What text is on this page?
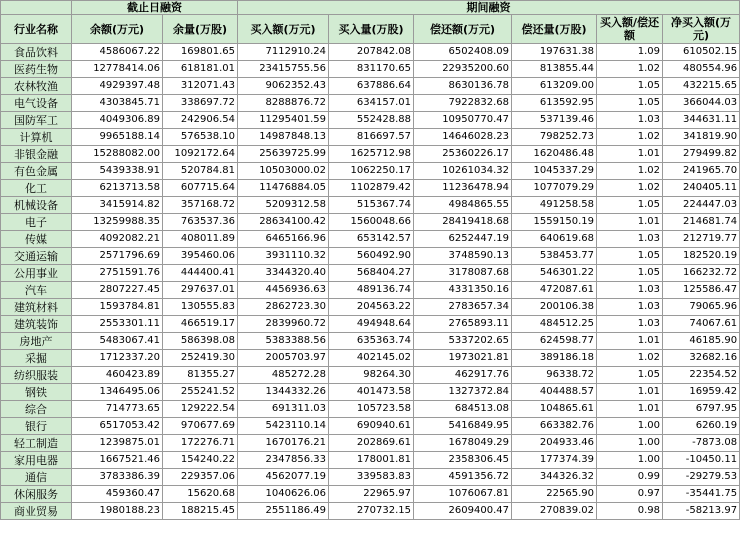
	截止日融资		期间融资					
行业名称	余额(万元)	余量(万股)	买入额(万元)	买入量(万股)	偿还额(万元)	偿还量(万股)	买入额/偿还额	净买入额(万元)
食品饮料	4586067.22	169801.65	7112910.24	207842.08	6502408.09	197631.38	1.09	610502.15
医药生物	12778414.06	618181.01	23415755.56	831170.65	22935200.60	813855.44	1.02	480554.96
农林牧渔	4929397.48	312071.43	9062352.43	637886.64	8630136.78	613209.00	1.05	432215.65
电气设备	4303845.71	338697.72	8288876.72	634157.01	7922832.68	613592.95	1.05	366044.03
国防军工	4049306.89	242906.54	11295401.59	552428.88	10950770.47	537139.46	1.03	344631.11
计算机	9965188.14	576538.10	14987848.13	816697.57	14646028.23	798252.73	1.02	341819.90
非银金融	15288082.00	1092172.64	25639725.99	1625712.98	25360226.17	1620486.48	1.01	279499.82
有色金属	5439338.91	520784.81	10503000.02	1062250.17	10261034.32	1045337.29	1.02	241965.70
化工	6213713.58	607715.64	11476884.05	1102879.42	11236478.94	1077079.29	1.02	240405.11
机械设备	3415914.82	357168.72	5209312.58	515367.74	4984865.55	491258.58	1.05	224447.03
电子	13259988.35	763537.36	28634100.42	1560048.66	28419418.68	1559150.19	1.01	214681.74
传媒	4092082.21	408011.89	6465166.96	653142.57	6252447.19	640619.68	1.03	212719.77
交通运输	2571796.69	395460.06	3931110.32	560492.90	3748590.13	538453.77	1.05	182520.19
公用事业	2751591.76	444400.41	3344320.40	568404.27	3178087.68	546301.22	1.05	166232.72
汽车	2807227.45	297637.01	4456936.63	489136.74	4331350.16	472087.61	1.03	125586.47
建筑材料	1593784.81	130555.83	2862723.30	204563.22	2783657.34	200106.38	1.03	79065.96
建筑装饰	2553301.11	466519.17	2839960.72	494948.64	2765893.11	484512.25	1.03	74067.61
房地产	5483067.41	586398.08	5383388.56	635363.74	5337202.65	624598.77	1.01	46185.90
采掘	1712337.20	252419.30	2005703.97	402145.02	1973021.81	389186.18	1.02	32682.16
纺织服装	460423.89	81355.27	485272.28	98264.30	462917.76	96338.72	1.05	22354.52
钢铁	1346495.06	255241.52	1344332.26	401473.58	1327372.84	404488.57	1.01	16959.42
综合	714773.65	129222.54	691311.03	105723.58	684513.08	104865.61	1.01	6797.95
银行	6517053.42	970677.69	5423110.14	690940.61	5416849.95	663382.76	1.00	6260.19
轻工制造	1239875.01	172276.71	1670176.21	202869.61	1678049.29	204933.46	1.00	-7873.08
家用电器	1667521.46	154240.22	2347856.33	178001.81	2358306.45	177374.39	1.00	-10450.11
通信	3783386.39	229357.06	4562077.19	339583.83	4591356.72	344326.32	0.99	-29279.53
休闲服务	459360.47	15620.68	1040626.06	22965.97	1076067.81	22565.90	0.97	-35441.75
商业贸易	1980188.23	188215.45	2551186.49	270732.15	2609400.47	270839.02	0.98	-58213.97
